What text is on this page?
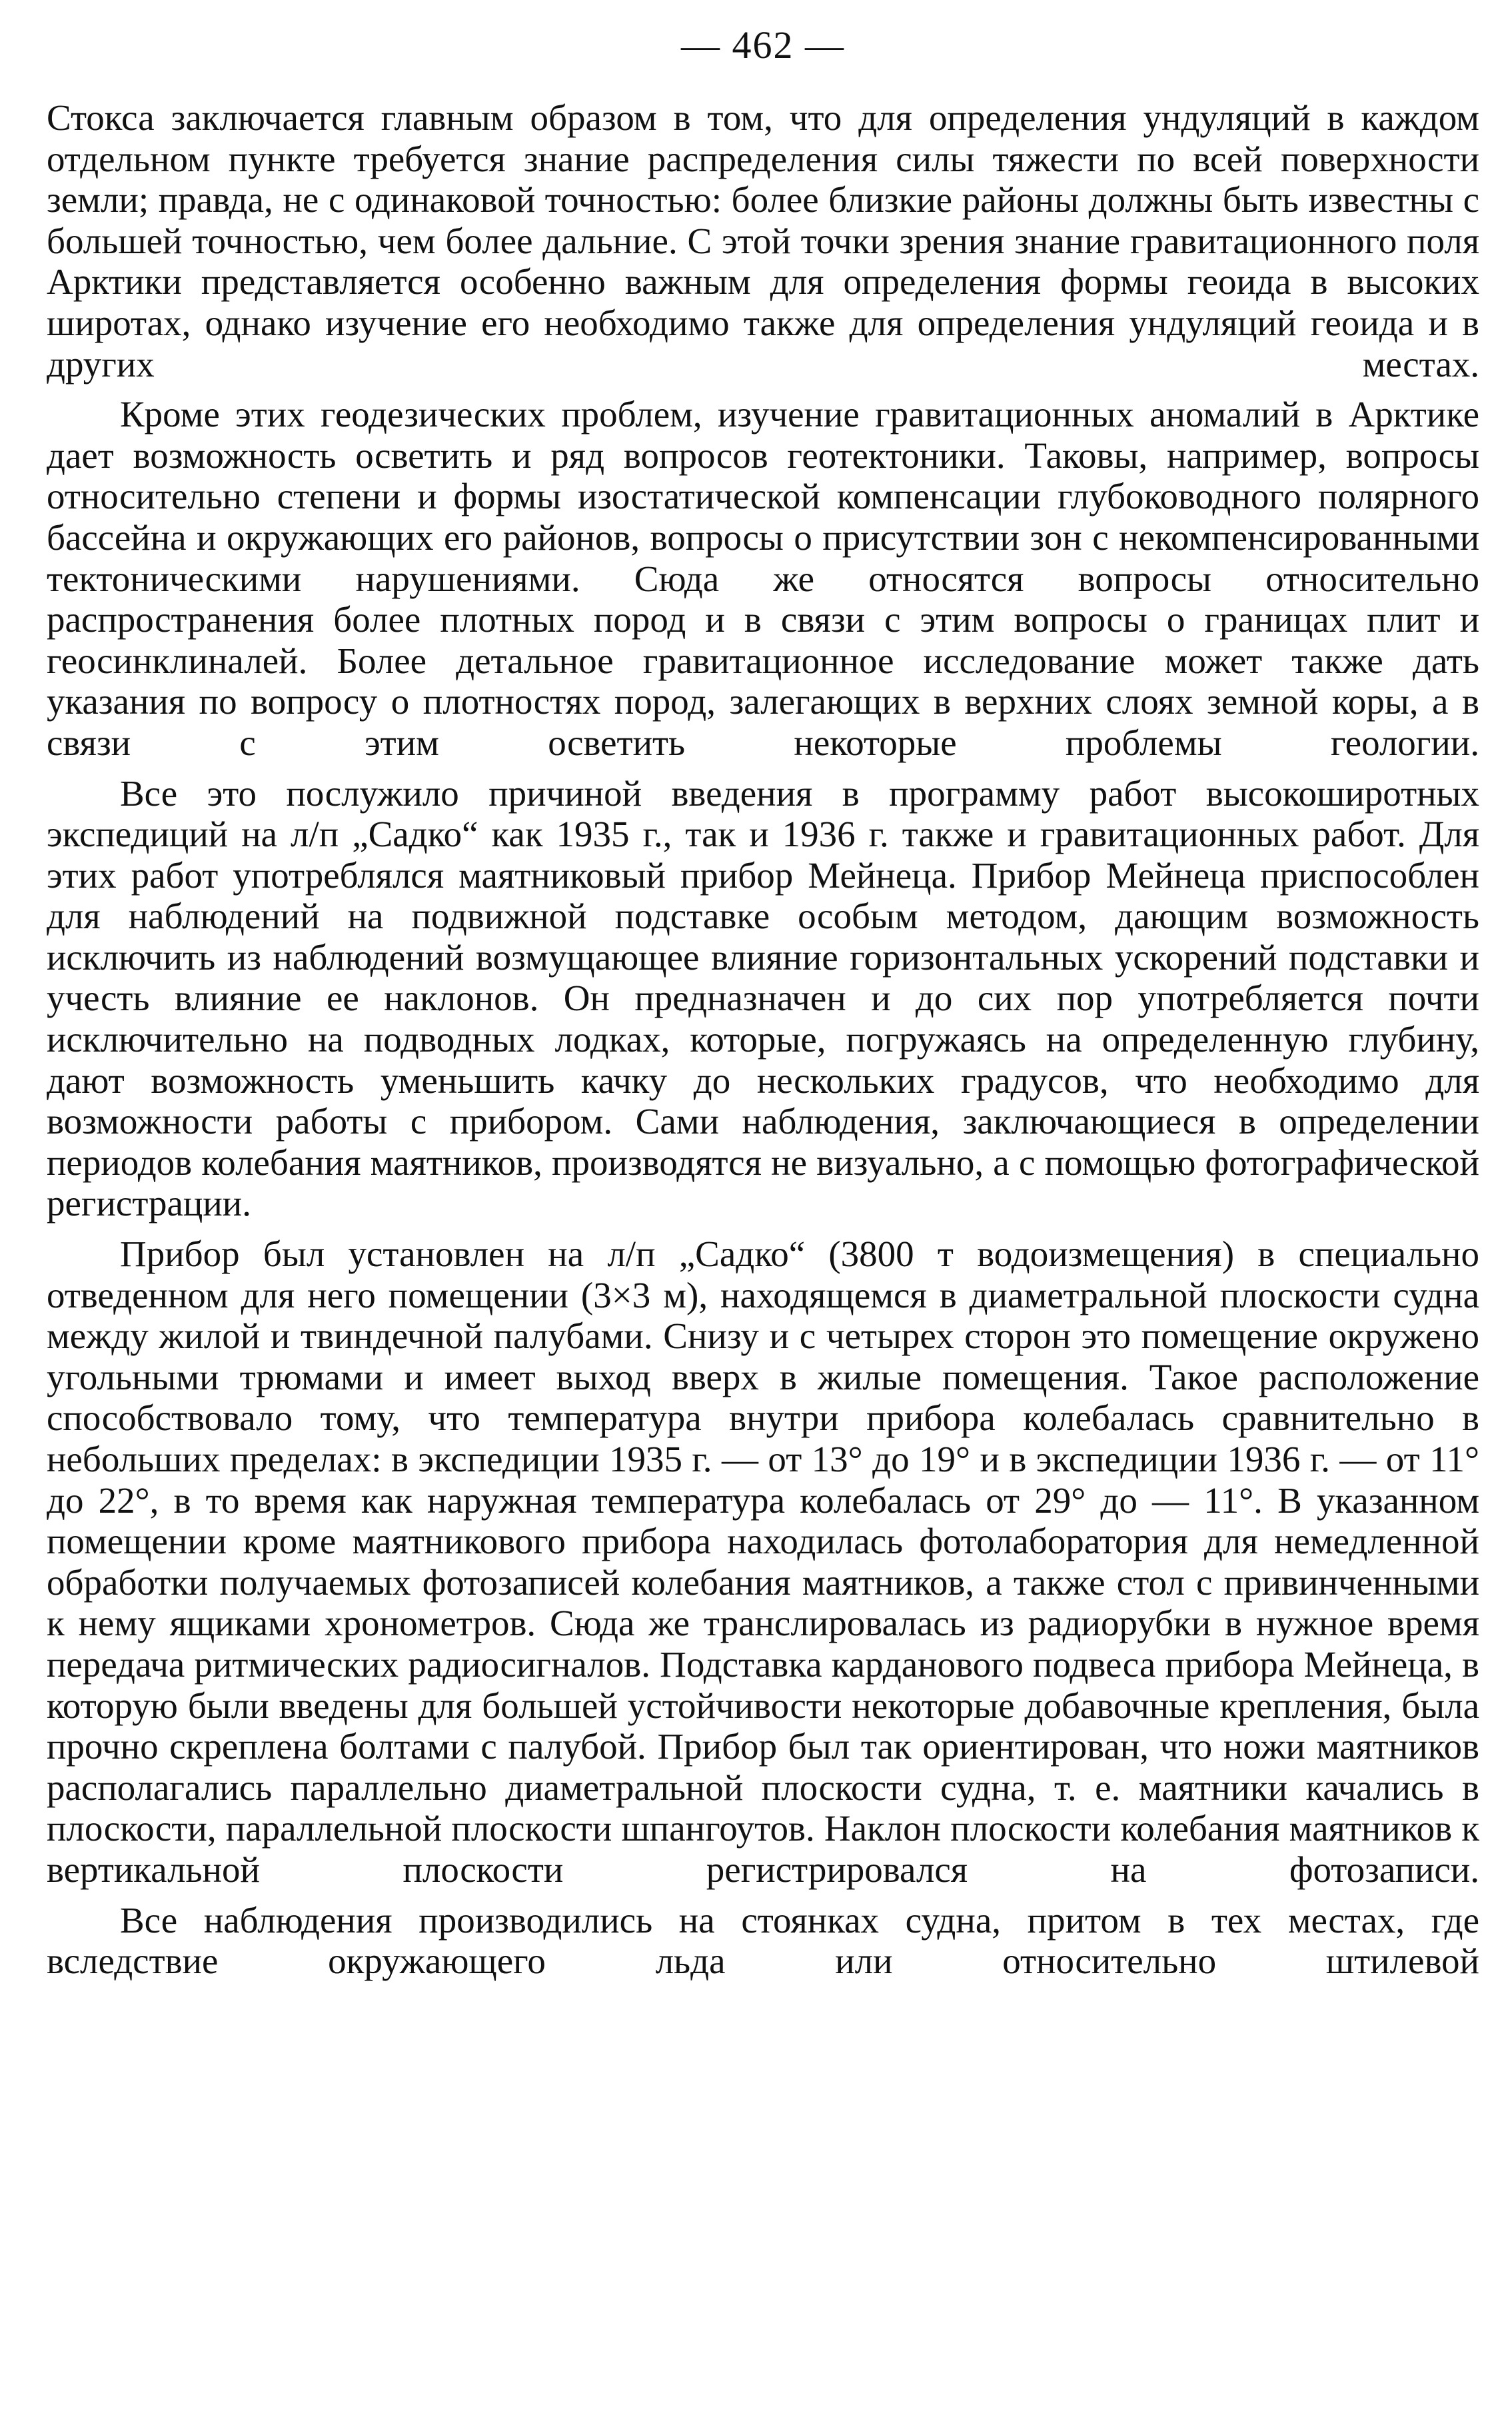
— 462 —

Стокса заключается главным образом в том, что для определения ундуляций в каждом отдельном пункте требуется знание распределения силы тяжести по всей поверхности земли; правда, не с одинаковой точностью: более близкие районы должны быть известны с большей точностью, чем более дальние. С этой точки зрения знание гравитационного поля Арктики представляется особенно важным для определения формы геоида в высоких широтах, однако изучение его необходимо также для определения ундуляций геоида и в других местах.

Кроме этих геодезических проблем, изучение гравитационных аномалий в Арктике дает возможность осветить и ряд вопросов геотектоники. Таковы, например, вопросы относительно степени и формы изостатической компенсации глубоководного полярного бассейна и окружающих его районов, вопросы о присутствии зон с некомпенсированными тектоническими нарушениями. Сюда же относятся вопросы относительно распространения более плотных пород и в связи с этим вопросы о границах плит и геосинклиналей. Более детальное гравитационное исследование может также дать указания по вопросу о плотностях пород, залегающих в верхних слоях земной коры, а в связи с этим осветить некоторые проблемы геологии.

Все это послужило причиной введения в программу работ высокоширотных экспедиций на л/п „Садко“ как 1935 г., так и 1936 г. также и гравитационных работ. Для этих работ употреблялся маятниковый прибор Мейнеца. Прибор Мейнеца приспособлен для наблюдений на подвижной подставке особым методом, дающим возможность исключить из наблюдений возмущающее влияние горизонтальных ускорений подставки и учесть влияние ее наклонов. Он предназначен и до сих пор употребляется почти исключительно на подводных лодках, которые, погружаясь на определенную глубину, дают возможность уменьшить качку до нескольких градусов, что необходимо для возможности работы с прибором. Сами наблюдения, заключающиеся в определении периодов колебания маятников, производятся не визуально, а с помощью фотографической регистрации.

Прибор был установлен на л/п „Садко“ (3800 т водоизмещения) в специально отведенном для него помещении (3×3 м), находящемся в диаметральной плоскости судна между жилой и твиндечной палубами. Снизу и с четырех сторон это помещение окружено угольными трюмами и имеет выход вверх в жилые помещения. Такое расположение способствовало тому, что температура внутри прибора колебалась сравнительно в небольших пределах: в экспедиции 1935 г. — от 13° до 19° и в экспедиции 1936 г. — от 11° до 22°, в то время как наружная температура колебалась от 29° до — 11°. В указанном помещении кроме маятникового прибора находилась фотолаборатория для немедленной обработки получаемых фотозаписей колебания маятников, а также стол с привинченными к нему ящиками хронометров. Сюда же транслировалась из радиорубки в нужное время передача ритмических радиосигналов. Подставка карданового подвеса прибора Мейнеца, в которую были введены для большей устойчивости некоторые добавочные крепления, была прочно скреплена болтами с палубой. Прибор был так ориентирован, что ножи маятников располагались параллельно диаметральной плоскости судна, т. е. маятники качались в плоскости, параллельной плоскости шпангоутов. Наклон плоскости колебания маятников к вертикальной плоскости регистрировался на фотозаписи.

Все наблюдения производились на стоянках судна, притом в тех местах, где вследствие окружающего льда или относительно штилевой
